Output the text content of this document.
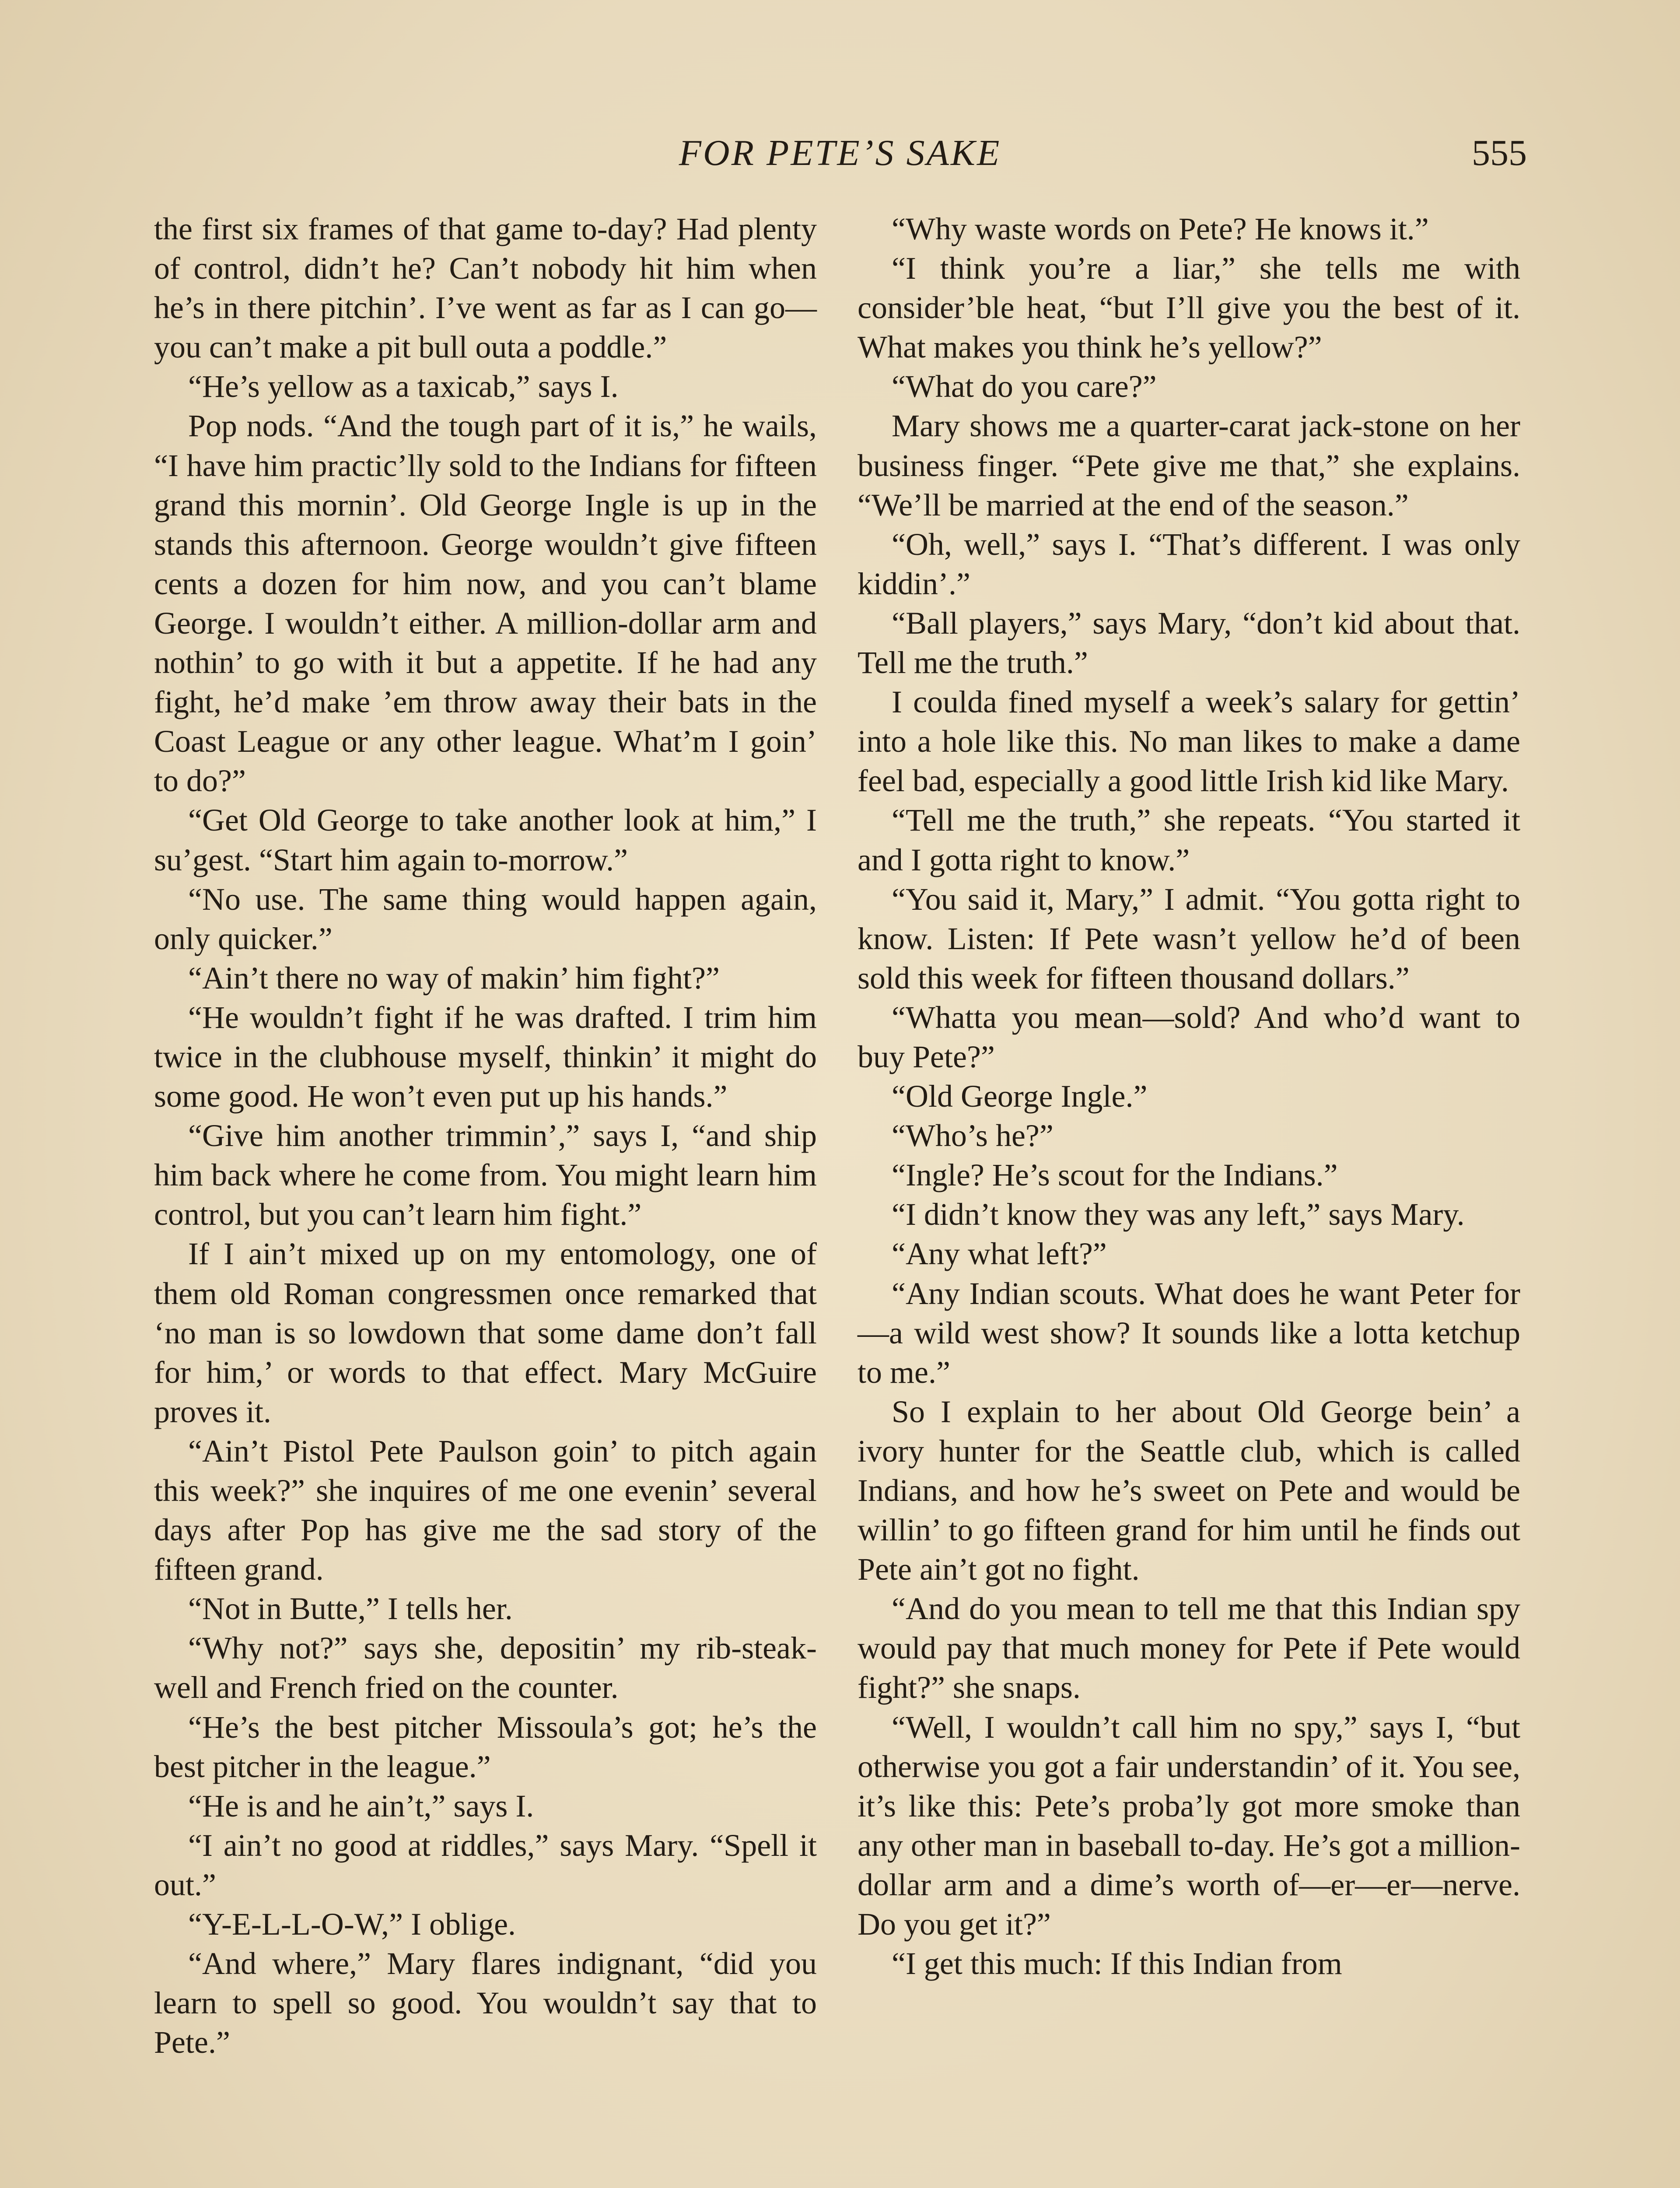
FOR PETE’S SAKE	555

the first six frames of that game to-day? Had plenty of control, didn’t he? Can’t nobody hit him when he’s in there pitchin’. I’ve went as far as I can go—you can’t make a pit bull outa a poddle.”

“He’s yellow as a taxicab,” says I.

Pop nods. “And the tough part of it is,” he wails, “I have him practic’lly sold to the Indians for fifteen grand this mornin’. Old George Ingle is up in the stands this afternoon. George wouldn’t give fifteen cents a dozen for him now, and you can’t blame George. I wouldn’t either. A million-dollar arm and nothin’ to go with it but a appetite. If he had any fight, he’d make ’em throw away their bats in the Coast League or any other league. What’m I goin’ to do?”

“Get Old George to take another look at him,” I su’gest. “Start him again to-morrow.”

“No use. The same thing would happen again, only quicker.”

“Ain’t there no way of makin’ him fight?”

“He wouldn’t fight if he was drafted. I trim him twice in the clubhouse myself, thinkin’ it might do some good. He won’t even put up his hands.”

“Give him another trimmin’,” says I, “and ship him back where he come from. You might learn him control, but you can’t learn him fight.”

If I ain’t mixed up on my entomology, one of them old Roman congressmen once remarked that ‘no man is so lowdown that some dame don’t fall for him,’ or words to that effect. Mary McGuire proves it.

“Ain’t Pistol Pete Paulson goin’ to pitch again this week?” she inquires of me one evenin’ several days after Pop has give me the sad story of the fifteen grand.

“Not in Butte,” I tells her.

“Why not?” says she, depositin’ my rib-steak-well and French fried on the counter.

“He’s the best pitcher Missoula’s got; he’s the best pitcher in the league.”

“He is and he ain’t,” says I.

“I ain’t no good at riddles,” says Mary. “Spell it out.”

“Y-E-L-L-O-W,” I oblige.

“And where,” Mary flares indignant, “did you learn to spell so good. You wouldn’t say that to Pete.”

“Why waste words on Pete? He knows it.”

“I think you’re a liar,” she tells me with consider’ble heat, “but I’ll give you the best of it. What makes you think he’s yellow?”

“What do you care?”

Mary shows me a quarter-carat jack-stone on her business finger. “Pete give me that,” she explains. “We’ll be married at the end of the season.”

“Oh, well,” says I. “That’s different. I was only kiddin’.”

“Ball players,” says Mary, “don’t kid about that. Tell me the truth.”

I coulda fined myself a week’s salary for gettin’ into a hole like this. No man likes to make a dame feel bad, especially a good little Irish kid like Mary.

“Tell me the truth,” she repeats. “You started it and I gotta right to know.”

“You said it, Mary,” I admit. “You gotta right to know. Listen: If Pete wasn’t yellow he’d of been sold this week for fifteen thousand dollars.”

“Whatta you mean—sold? And who’d want to buy Pete?”

“Old George Ingle.”

“Who’s he?”

“Ingle? He’s scout for the Indians.”

“I didn’t know they was any left,” says Mary.

“Any what left?”

“Any Indian scouts. What does he want Peter for—a wild west show? It sounds like a lotta ketchup to me.”

So I explain to her about Old George bein’ a ivory hunter for the Seattle club, which is called Indians, and how he’s sweet on Pete and would be willin’ to go fifteen grand for him until he finds out Pete ain’t got no fight.

“And do you mean to tell me that this Indian spy would pay that much money for Pete if Pete would fight?” she snaps.

“Well, I wouldn’t call him no spy,” says I, “but otherwise you got a fair understandin’ of it. You see, it’s like this: Pete’s proba’ly got more smoke than any other man in baseball to-day. He’s got a million-dollar arm and a dime’s worth of—er—er—nerve. Do you get it?”

“I get this much: If this Indian from
